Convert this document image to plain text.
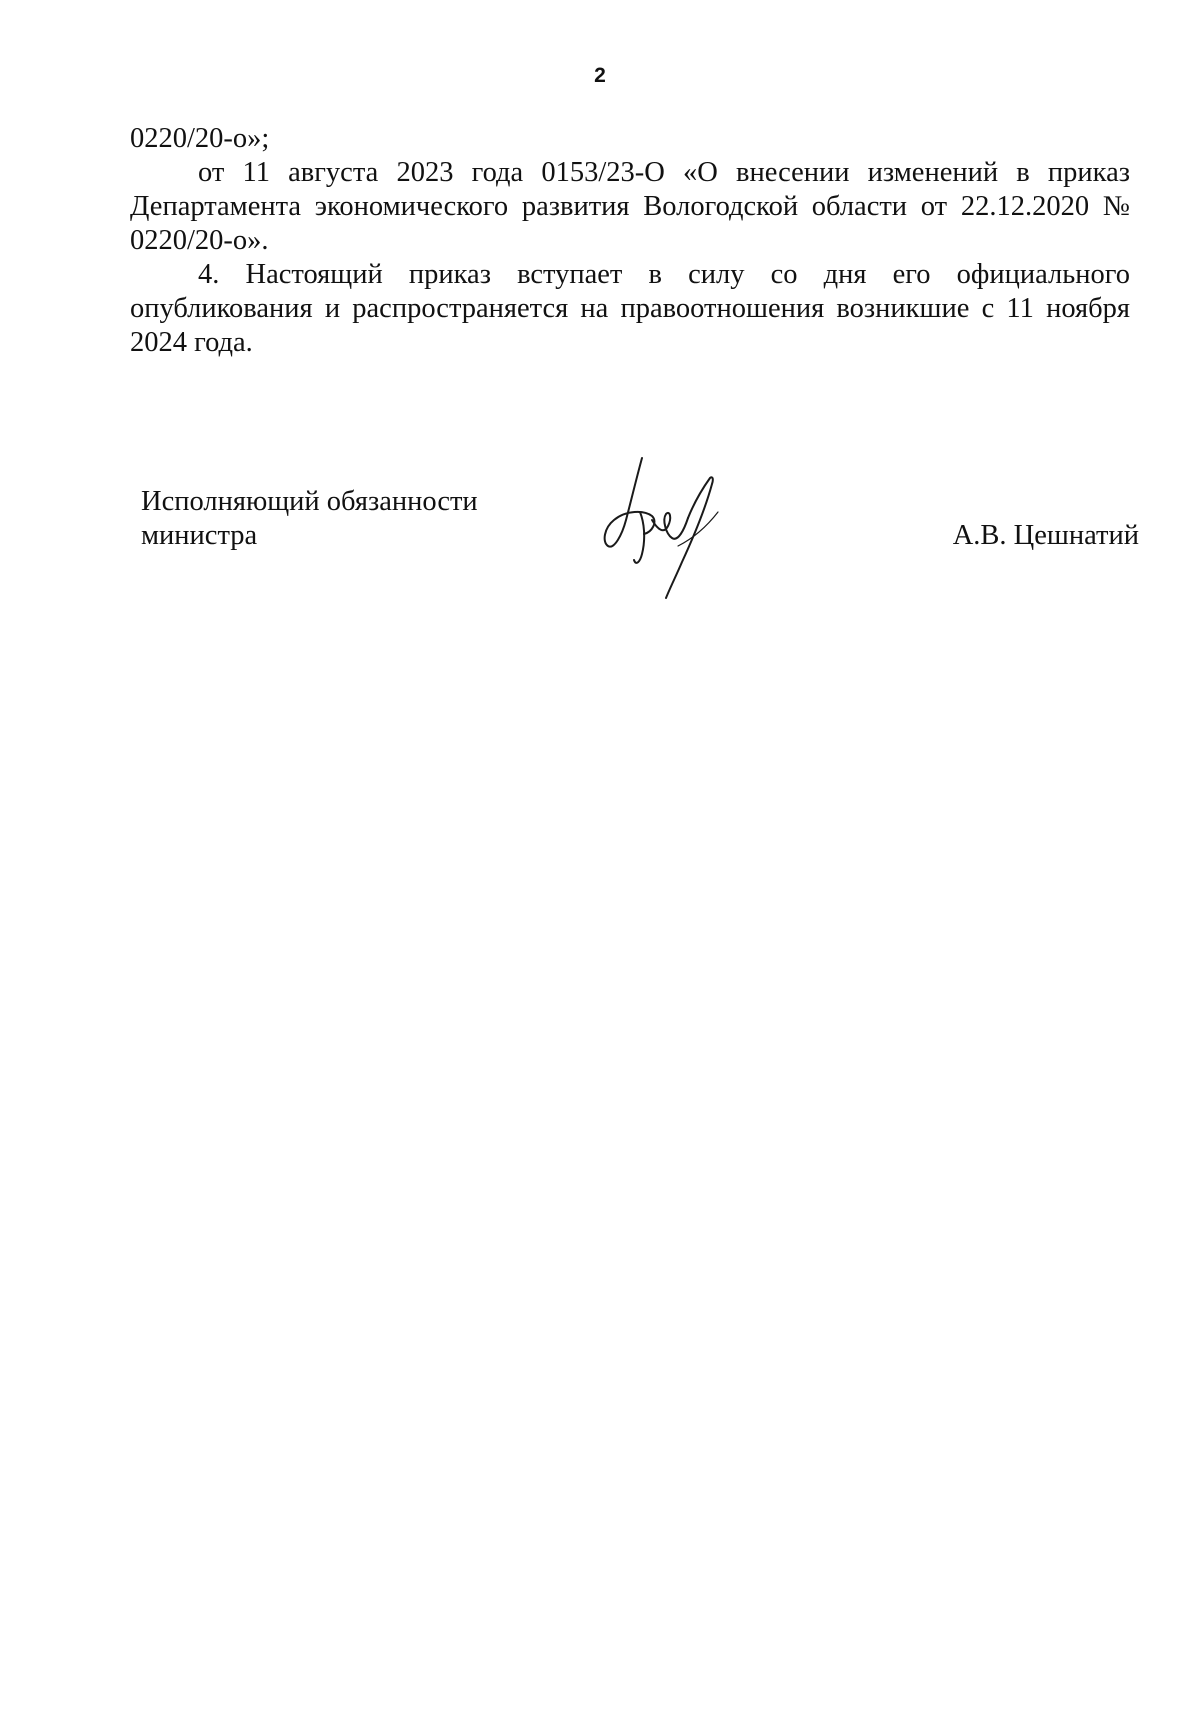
2

0220/20-о»;

от 11 августа 2023 года 0153/23-О «О внесении изменений в приказ Департамента экономического развития Вологодской области от 22.12.2020 № 0220/20-о».

4. Настоящий приказ вступает в силу со дня его официального опубликования и распространяется на правоотношения возникшие с 11 ноября 2024 года.

Исполняющий обязанности
министра	А.В. Цешнатий
